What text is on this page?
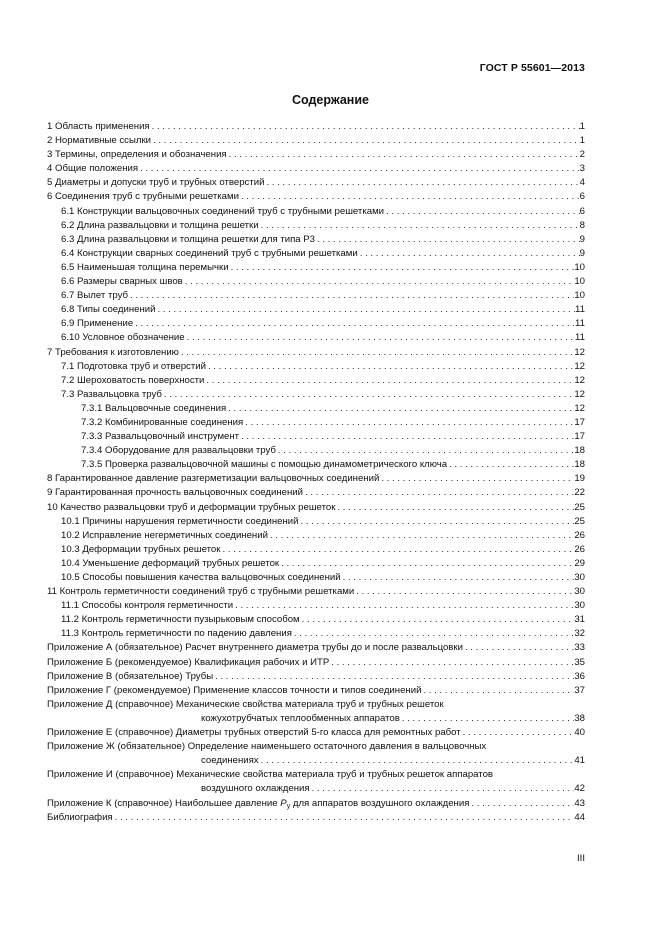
ГОСТ Р 55601—2013
Содержание
1 Область применения . . .	1
2 Нормативные ссылки . . .	1
3 Термины, определения и обозначения . . .	2
4 Общие положения . . .	3
5 Диаметры и допуски труб и трубных отверстий . . .	4
6 Соединения труб с трубными решетками . . .	6
6.1 Конструкции вальцовочных соединений труб с трубными решетками . . .	6
6.2 Длина развальцовки и толщина решетки . . .	8
6.3 Длина развальцовки и толщина решетки для типа Р3 . . .	9
6.4 Конструкции сварных соединений труб с трубными решетками . . .	9
6.5 Наименьшая толщина перемычки . . .	10
6.6 Размеры сварных швов . . .	10
6.7 Вылет труб . . .	10
6.8 Типы соединений . . .	11
6.9 Применение . . .	11
6.10 Условное обозначение . . .	11
7 Требования к изготовлению . . .	12
7.1 Подготовка труб и отверстий . . .	12
7.2 Шероховатость поверхности . . .	12
7.3 Развальцовка труб . . .	12
7.3.1 Вальцовочные соединения . . .	12
7.3.2 Комбинированные соединения . . .	17
7.3.3 Развальцовочный инструмент . . .	17
7.3.4 Оборудование для развальцовки труб . . .	18
7.3.5 Проверка развальцовочной машины с помощью динамометрического ключа . . .	18
8 Гарантированное давление разгерметизации вальцовочных соединений . . .	19
9 Гарантированная прочность вальцовочных соединений . . .	22
10 Качество развальцовки труб и деформации трубных решеток . . .	25
10.1 Причины нарушения герметичности соединений . . .	25
10.2 Исправление негерметичных соединений . . .	26
10.3 Деформации трубных решеток . . .	26
10.4 Уменьшение деформаций трубных решеток . . .	29
10.5 Способы повышения качества вальцовочных соединений . . .	30
11 Контроль герметичности соединений труб с трубными решетками . . .	30
11.1 Способы контроля герметичности . . .	30
11.2 Контроль герметичности пузырьковым способом . . .	31
11.3 Контроль герметичности по падению давления . . .	32
Приложение А (обязательное) Расчет внутреннего диаметра трубы до и после развальцовки . . .	33
Приложение Б (рекомендуемое) Квалификация рабочих и ИТР . . .	35
Приложение В (обязательное) Трубы . . .	36
Приложение Г (рекомендуемое) Применение классов точности и типов соединений . . .	37
Приложение Д (справочное) Механические свойства материала труб и трубных решеток
кожухотрубчатых теплообменных аппаратов . . .	38
Приложение Е (справочное) Диаметры трубных отверстий 5-го класса для ремонтных работ . . .	40
Приложение Ж (обязательное) Определение наименьшего остаточного давления в вальцовочных
соединениях . . .	41
Приложение И (справочное) Механические свойства материала труб и трубных решеток аппаратов
воздушного охлаждения . . .	42
Приложение К (справочное) Наибольшее давление $P_у$ для аппаратов воздушного охлаждения . . .	43
Библиография . . .	44
III
